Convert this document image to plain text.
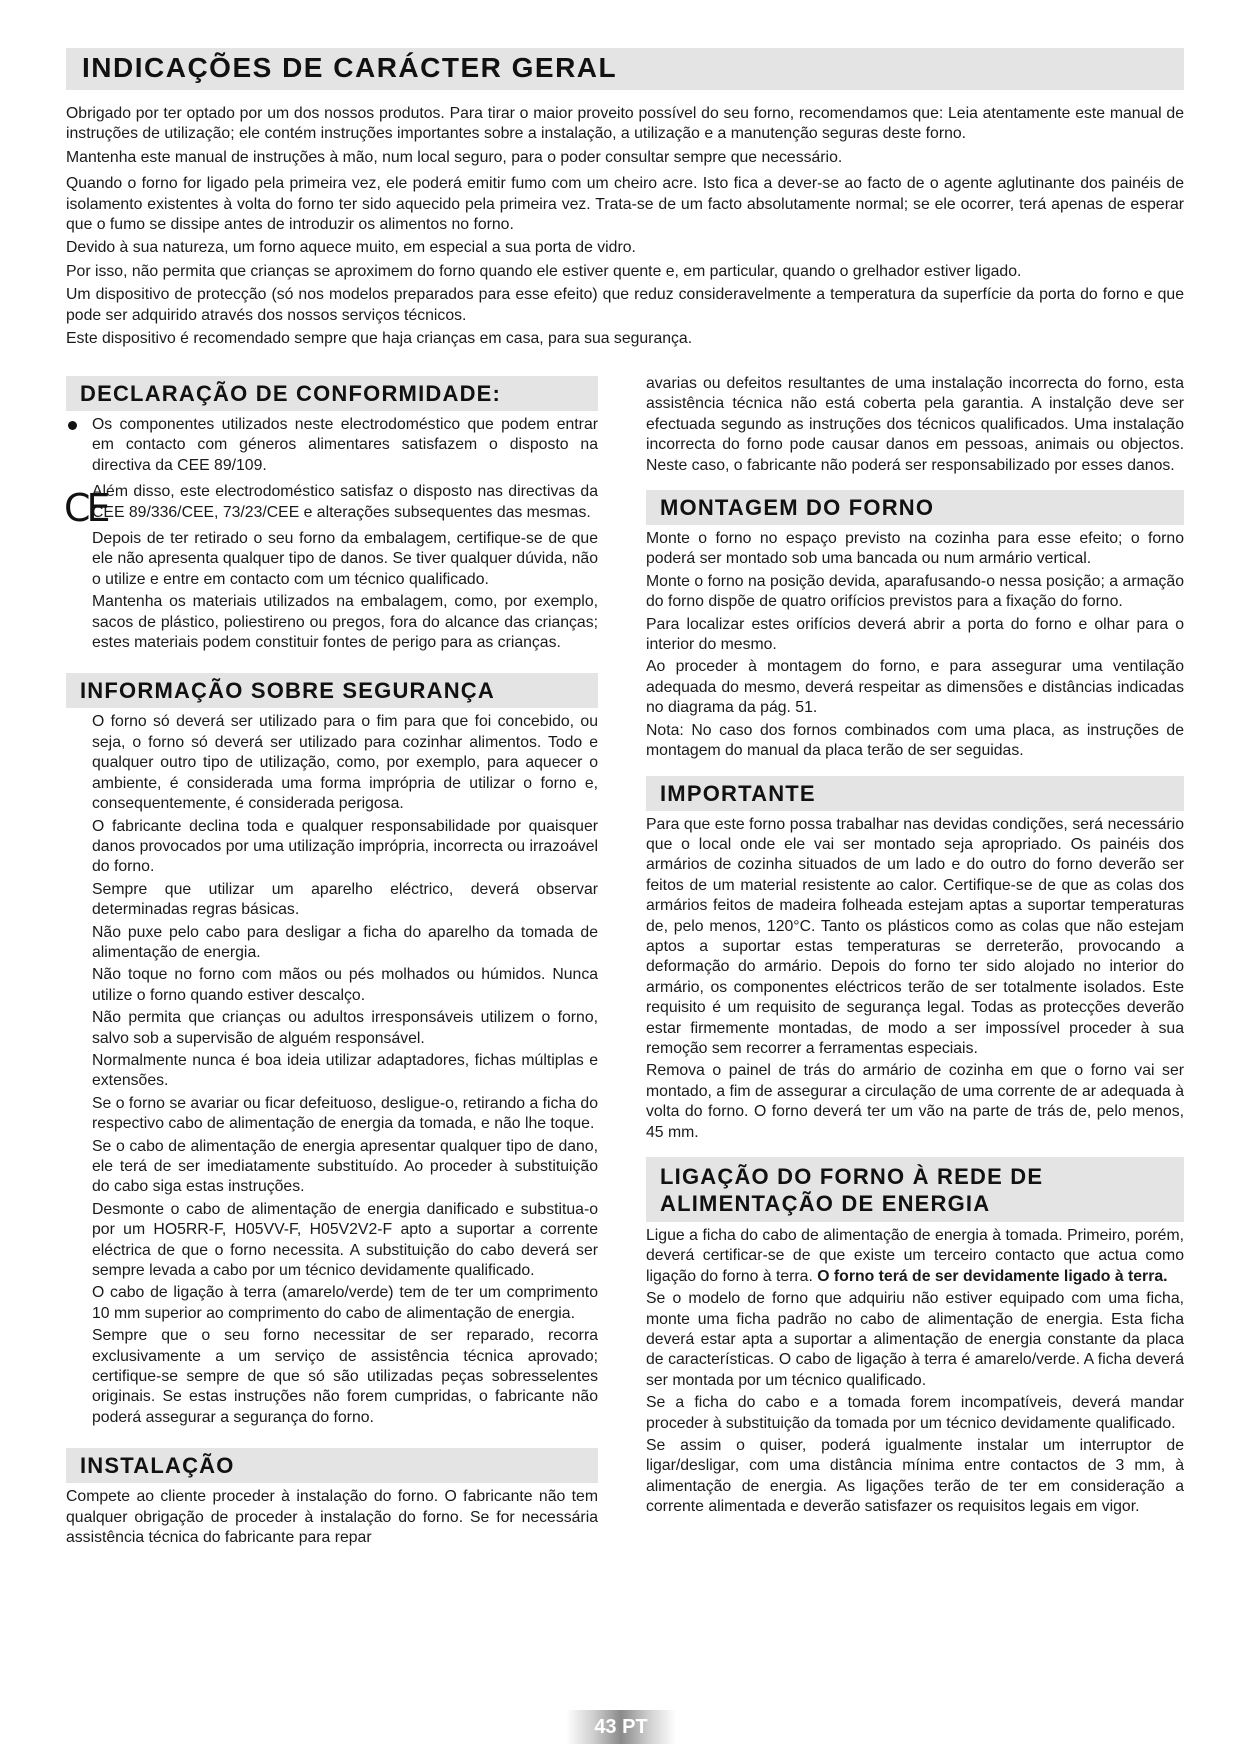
INDICAÇÕES DE CARÁCTER GERAL

Obrigado por ter optado por um dos nossos produtos. Para tirar o maior proveito possível do seu forno, recomendamos que: Leia atentamente este manual de instruções de utilização; ele contém instruções importantes sobre a instalação, a utilização e a manutenção seguras deste forno.

Mantenha este manual de instruções à mão, num local seguro, para o poder consultar sempre que necessário.

Quando o forno for ligado pela primeira vez, ele poderá emitir fumo com um cheiro acre. Isto fica a dever-se ao facto de o agente aglutinante dos painéis de isolamento existentes à volta do forno ter sido aquecido pela primeira vez. Trata-se de um facto absolutamente normal; se ele ocorrer, terá apenas de esperar que o fumo se dissipe antes de introduzir os alimentos no forno.

Devido à sua natureza, um forno aquece muito, em especial a sua porta de vidro.

Por isso, não permita que crianças se aproximem do forno quando ele estiver quente e, em particular, quando o grelhador estiver ligado.

Um dispositivo de protecção (só nos modelos preparados para esse efeito) que reduz consideravelmente a temperatura da superfície da porta do forno e que pode ser adquirido através dos nossos serviços técnicos.

Este dispositivo é recomendado sempre que haja crianças em casa, para sua segurança.

DECLARAÇÃO DE CONFORMIDADE:

Os componentes utilizados neste electrodoméstico que podem entrar em contacto com géneros alimentares satisfazem o disposto na directiva da CEE 89/109.

CE

Além disso, este electrodoméstico satisfaz o disposto nas directivas da CEE 89/336/CEE, 73/23/CEE e alterações subsequentes das mesmas.

Depois de ter retirado o seu forno da embalagem, certifique-se de que ele não apresenta qualquer tipo de danos. Se tiver qualquer dúvida, não o utilize e entre em contacto com um técnico qualificado.

Mantenha os materiais utilizados na embalagem, como, por exemplo, sacos de plástico, poliestireno ou pregos, fora do alcance das crianças; estes materiais podem constituir fontes de perigo para as crianças.

INFORMAÇÃO SOBRE SEGURANÇA

O forno só deverá ser utilizado para o fim para que foi concebido, ou seja, o forno só deverá ser utilizado para cozinhar alimentos. Todo e qualquer outro tipo de utilização, como, por exemplo, para aquecer o ambiente, é considerada uma forma imprópria de utilizar o forno e, consequentemente, é considerada perigosa.

O fabricante declina toda e qualquer responsabilidade por quaisquer danos provocados por uma utilização imprópria, incorrecta ou irrazoável do forno.

Sempre que utilizar um aparelho eléctrico, deverá observar determinadas regras básicas.

Não puxe pelo cabo para desligar a ficha do aparelho da tomada de alimentação de energia.

Não toque no forno com mãos ou pés molhados ou húmidos. Nunca utilize o forno quando estiver descalço.

Não permita que crianças ou adultos irresponsáveis utilizem o forno, salvo sob a supervisão de alguém responsável.

Normalmente nunca é boa ideia utilizar adaptadores, fichas múltiplas e extensões.

Se o forno se avariar ou ficar defeituoso, desligue-o, retirando a ficha do respectivo cabo de alimentação de energia da tomada, e não lhe toque.

Se o cabo de alimentação de energia apresentar qualquer tipo de dano, ele terá de ser imediatamente substituído. Ao proceder à substituição do cabo siga estas instruções.

Desmonte o cabo de alimentação de energia danificado e substitua-o por um HO5RR-F, H05VV-F, H05V2V2-F apto a suportar a corrente eléctrica de que o forno necessita. A substituição do cabo deverá ser sempre levada a cabo por um técnico devidamente qualificado.

O cabo de ligação à terra (amarelo/verde) tem de ter um comprimento 10 mm superior ao comprimento do cabo de alimentação de energia.

Sempre que o seu forno necessitar de ser reparado, recorra exclusivamente a um serviço de assistência técnica aprovado; certifique-se sempre de que só são utilizadas peças sobresselentes originais. Se estas instruções não forem cumpridas, o fabricante não poderá assegurar a segurança do forno.

INSTALAÇÃO

Compete ao cliente proceder à instalação do forno. O fabricante não tem qualquer obrigação de proceder à instalação do forno. Se for necessária assistência técnica do fabricante para repar

avarias ou defeitos resultantes de uma instalação incorrecta do forno, esta assistência técnica não está coberta pela garantia. A instalção deve ser efectuada segundo as instruções dos técnicos qualificados. Uma instalação incorrecta do forno pode causar danos em pessoas, animais ou objectos. Neste caso, o fabricante não poderá ser responsabilizado por esses danos.

MONTAGEM DO FORNO

Monte o forno no espaço previsto na cozinha para esse efeito; o forno poderá ser montado sob uma bancada ou num armário vertical.

Monte o forno na posição devida, aparafusando-o nessa posição; a armação do forno dispõe de quatro orifícios previstos para a fixação do forno.

Para localizar estes orifícios deverá abrir a porta do forno e olhar para o interior do mesmo.

Ao proceder à montagem do forno, e para assegurar uma ventilação adequada do mesmo, deverá respeitar as dimensões e distâncias indicadas no diagrama da pág. 51.

Nota: No caso dos fornos combinados com uma placa, as instruções de montagem do manual da placa terão de ser seguidas.

IMPORTANTE

Para que este forno possa trabalhar nas devidas condições, será necessário que o local onde ele vai ser montado seja apropriado. Os painéis dos armários de cozinha situados de um lado e do outro do forno deverão ser feitos de um material resistente ao calor. Certifique-se de que as colas dos armários feitos de madeira folheada estejam aptas a suportar temperaturas de, pelo menos, 120°C. Tanto os plásticos como as colas que não estejam aptos a suportar estas temperaturas se derreterão, provocando a deformação do armário. Depois do forno ter sido alojado no interior do armário, os componentes eléctricos terão de ser totalmente isolados. Este requisito é um requisito de segurança legal. Todas as protecções deverão estar firmemente montadas, de modo a ser impossível proceder à sua remoção sem recorrer a ferramentas especiais.

Remova o painel de trás do armário de cozinha em que o forno vai ser montado, a fim de assegurar a circulação de uma corrente de ar adequada à volta do forno. O forno deverá ter um vão na parte de trás de, pelo menos, 45 mm.

LIGAÇÃO DO FORNO À REDE DE
ALIMENTAÇÃO DE ENERGIA

Ligue a ficha do cabo de alimentação de energia à tomada. Primeiro, porém, deverá certificar-se de que existe um terceiro contacto que actua como ligação do forno à terra. O forno terá de ser devidamente ligado à terra.

Se o modelo de forno que adquiriu não estiver equipado com uma ficha, monte uma ficha padrão no cabo de alimentação de energia. Esta ficha deverá estar apta a suportar a alimentação de energia constante da placa de características. O cabo de ligação à terra é amarelo/verde. A ficha deverá ser montada por um técnico qualificado.

Se a ficha do cabo e a tomada forem incompatíveis, deverá mandar proceder à substituição da tomada por um técnico devidamente qualificado.

Se assim o quiser, poderá igualmente instalar um interruptor de ligar/desligar, com uma distância mínima entre contactos de 3 mm, à alimentação de energia. As ligações terão de ter em consideração a corrente alimentada e deverão satisfazer os requisitos legais em vigor.

43 PT
